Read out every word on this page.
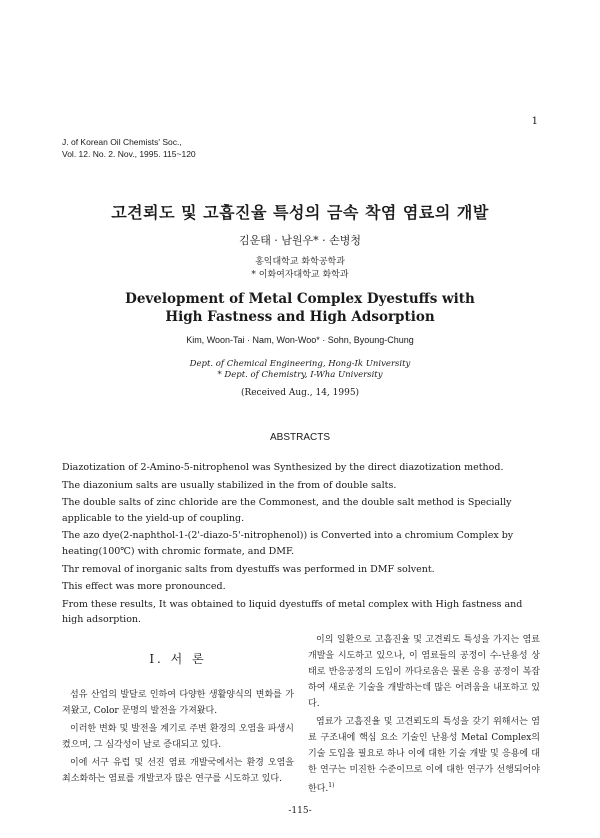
1
J. of Korean Oil Chemists' Soc.,
Vol. 12. No. 2. Nov., 1995. 115~120
고견뢰도 및 고흡진율 특성의 금속 착염 염료의 개발
김운태 · 남원우* · 손병청
홍익대학교 화학공학과
* 이화여자대학교 화학과
Development of Metal Complex Dyestuffs with
High Fastness and High Adsorption
Kim, Woon-Tai · Nam, Won-Woo* · Sohn, Byoung-Chung
Dept. of Chemical Engineering, Hong-Ik University
* Dept. of Chemistry, I-Wha University
(Received Aug., 14, 1995)
ABSTRACTS

Diazotization of 2-Amino-5-nitrophenol was Synthesized by the direct diazotization method.

The diazonium salts are usually stabilized in the from of double salts.

The double salts of zinc chloride are the Commonest, and the double salt method is Specially applicable to the yield-up of coupling.

The azo dye(2-naphthol-1-(2'-diazo-5'-nitrophenol)) is Converted into a chromium Complex by heating(100℃) with chromic formate, and DMF.

Thr removal of inorganic salts from dyestuffs was performed in DMF solvent.

This effect was more pronounced.

From these results, It was obtained to liquid dyestuffs of metal complex with High fastness and high adsorption.

I. 서 론

섬유 산업의 발달로 인하여 다양한 생활양식의 변화를 가져왔고, Color 문명의 발전을 가져왔다.

이러한 변화 및 발전을 계기로 주변 환경의 오염을 파생시켰으며, 그 심각성이 날로 증대되고 있다.

이에 서구 유럽 및 선진 염료 개발국에서는 환경 오염을 최소화하는 염료를 개발코자 많은 연구를 시도하고 있다.

이의 일환으로 고흡진율 및 고견뢰도 특성을 가지는 염료 개발을 시도하고 있으나, 이 염료들의 공정이 수-난용성 상태로 반응공정의 도입이 까다로움은 물론 응용 공정이 복잡하여 새로운 기술을 개발하는데 많은 어려움을 내포하고 있다.

염료가 고흡진율 및 고견뢰도의 특성을 갖기 위해서는 염료 구조내에 핵심 요소 기술인 난용성 Metal Complex의 기술 도입을 필요로 하나 이에 대한 기술 개발 및 응용에 대한 연구는 미진한 수준이므로 이에 대한 연구가 선행되어야 한다.$^{1)}$

-115-
